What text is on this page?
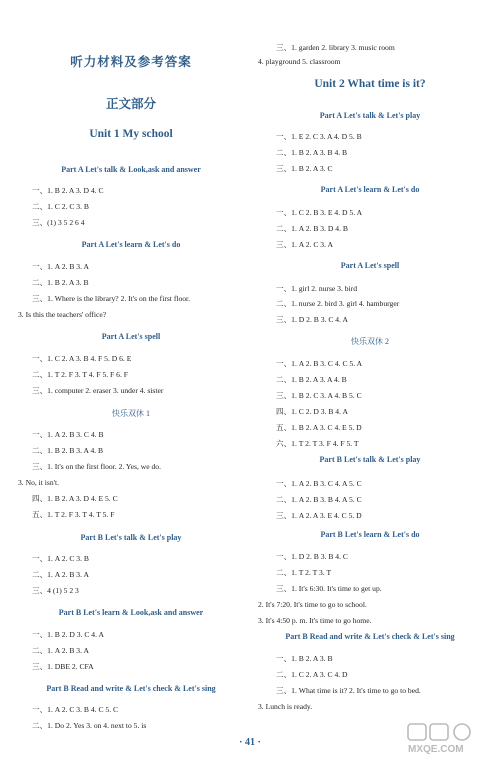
听力材料及参考答案
正文部分
Unit 1 My school
Part A Let's talk & Look,ask and answer
一、1. B 2. A 3. D 4. C
二、1. C 2. C 3. B
三、(1) 3 5 2 6 4
Part A Let's learn & Let's do
一、1. A 2. B 3. A
二、1. B 2. A 3. B
三、1. Where is the library? 2. It's on the first floor.
3. Is this the teachers' office?
Part A Let's spell
一、1. C 2. A 3. B 4. F 5. D 6. E
二、1. T 2. F 3. T 4. F 5. F 6. F
三、1. computer 2. eraser 3. under 4. sister
快乐双休 1
一、1. A 2. B 3. C 4. B
二、1. B 2. B 3. A 4. B
三、1. It's on the first floor. 2. Yes, we do.
3. No, it isn't.
四、1. B 2. A 3. D 4. E 5. C
五、1. T 2. F 3. T 4. T 5. F
Part B Let's talk & Let's play
一、1. A 2. C 3. B
二、1. A 2. B 3. A
三、4 (1) 5 2 3
Part B Let's learn & Look,ask and answer
一、1. B 2. D 3. C 4. A
二、1. A 2. B 3. A
三、1. DBE 2. CFA
Part B Read and write & Let's check & Let's sing
一、1. A 2. C 3. B 4. C 5. C
二、1. Do 2. Yes 3. on 4. next to 5. is
三、1. garden 2. library 3. music room
4. playground 5. classroom
Unit 2 What time is it?
Part A Let's talk & Let's play
一、1. E 2. C 3. A 4. D 5. B
二、1. B 2. A 3. B 4. B
三、1. B 2. A 3. C
Part A Let's learn & Let's do
一、1. C 2. B 3. E 4. D 5. A
二、1. A 2. B 3. D 4. B
三、1. A 2. C 3. A
Part A Let's spell
一、1. girl 2. nurse 3. bird
二、1. nurse 2. bird 3. girl 4. hamburger
三、1. D 2. B 3. C 4. A
快乐双休 2
一、1. A 2. B 3. C 4. C 5. A
二、1. B 2. A 3. A 4. B
三、1. B 2. C 3. A 4. B 5. C
四、1. C 2. D 3. B 4. A
五、1. B 2. A 3. C 4. E 5. D
六、1. T 2. T 3. F 4. F 5. T
Part B Let's talk & Let's play
一、1. A 2. B 3. C 4. A 5. C
二、1. A 2. B 3. B 4. A 5. C
三、1. A 2. A 3. E 4. C 5. D
Part B Let's learn & Let's do
一、1. D 2. B 3. B 4. C
二、1. T 2. T 3. T
三、1. It's 6:30. It's time to get up.
2. It's 7:20. It's time to go to school.
3. It's 4:50 p. m. It's time to go home.
Part B Read and write & Let's check & Let's sing
一、1. B 2. A 3. B
二、1. C 2. A 3. C 4. D
三、1. What time is it? 2. It's time to go to bed.
3. Lunch is ready.
· 41 ·
MXQE.COM
